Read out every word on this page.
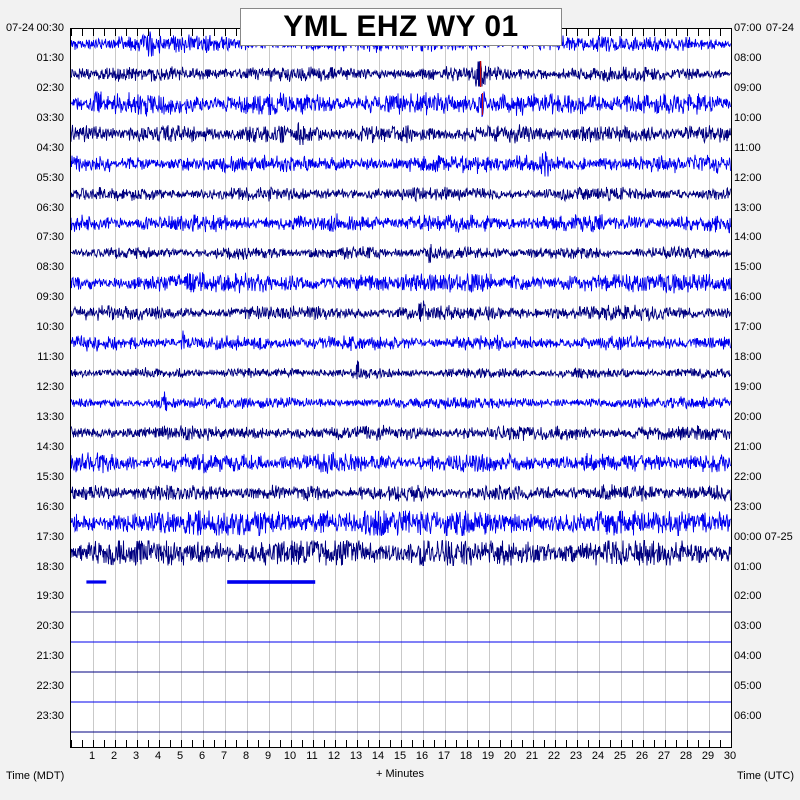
07-24	07-24
YML EHZ WY 01
00:30
01:30
02:30
03:30
04:30
05:30
06:30
07:30
08:30
09:30
10:30
11:30
12:30
13:30
14:30
15:30
16:30
17:30
18:30
19:30
20:30
21:30
22:30
23:30
07:00
08:00
09:00
10:00
11:00
12:00
13:00
14:00
15:00
16:00
17:00
18:00
19:00
20:00
21:00
22:00
23:00
00:00 07-25
01:00
02:00
03:00
04:00
05:00
06:00
1	2	3	4	5	6	7	8	9	10 11 12 13 14 15 16 17 18 19 20 21 22 23 24 25 26 27 28 29 30
+ Minutes
Time (MDT)	Time (UTC)
